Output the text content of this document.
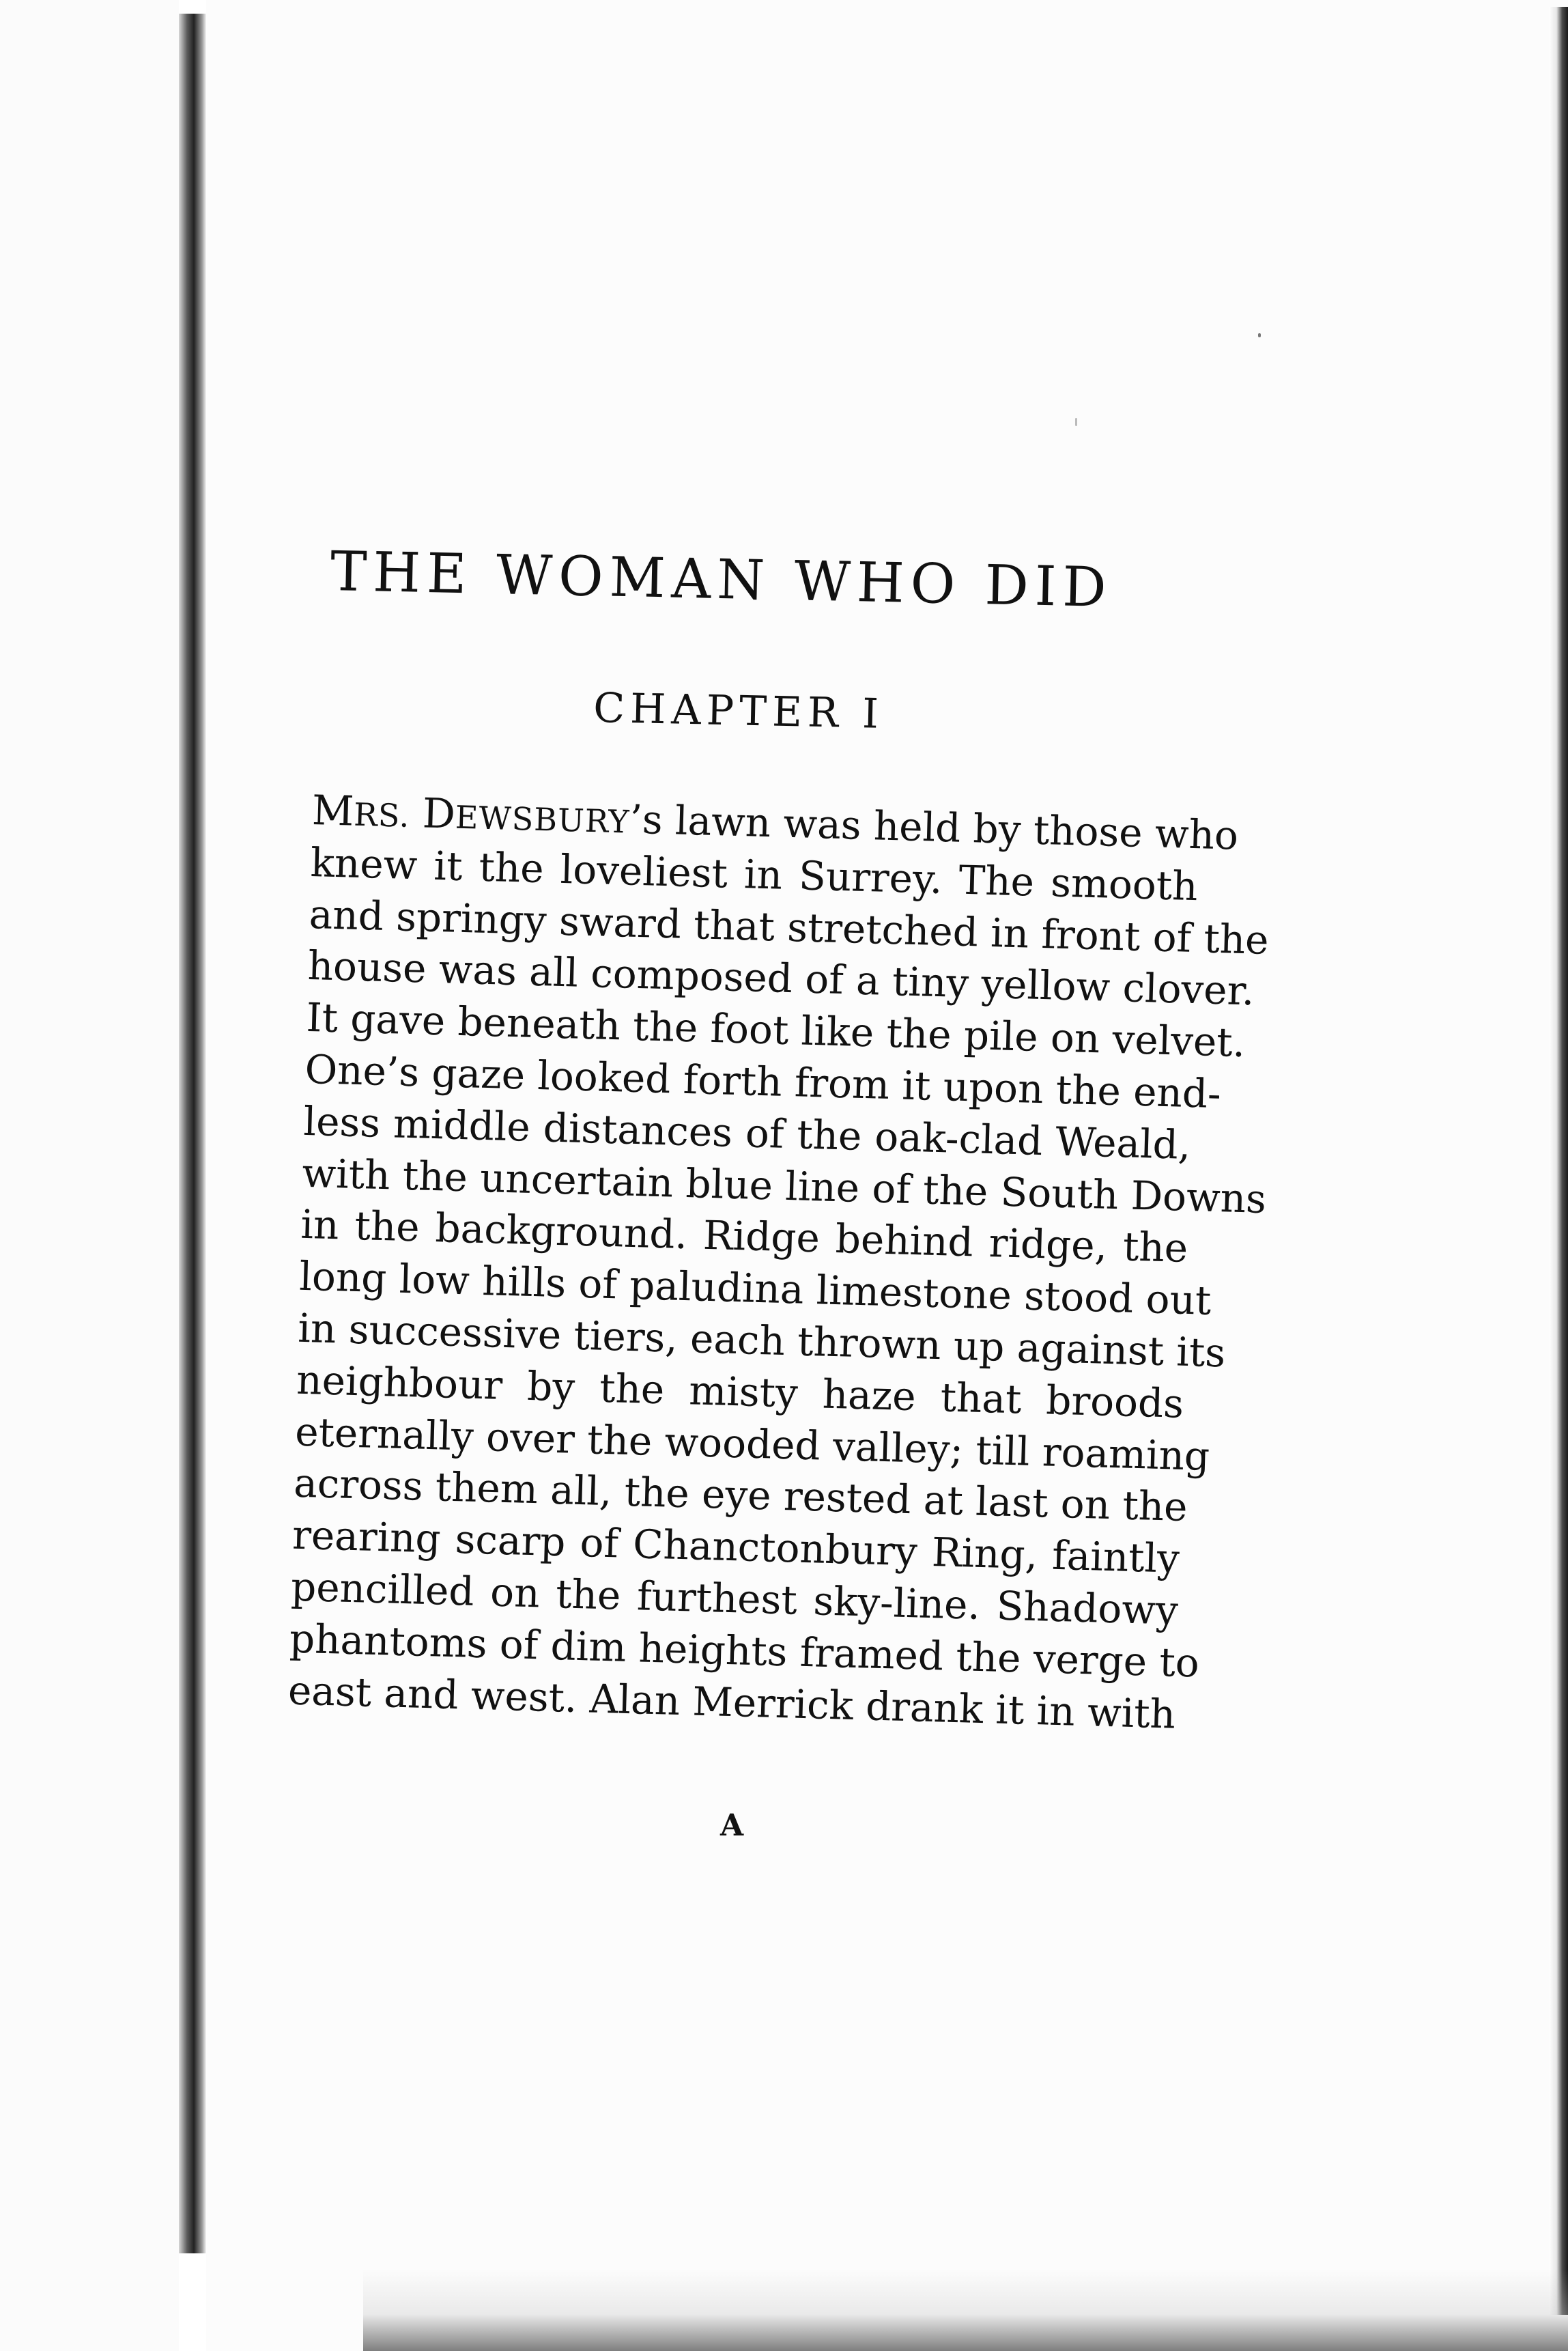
THE WOMAN WHO DID
CHAPTER I
MRS. DEWSBURY’s lawn was held by those who
knew it the loveliest in Surrey. The smooth
and springy sward that stretched in front of the
house was all composed of a tiny yellow clover.
It gave beneath the foot like the pile on velvet.
One’s gaze looked forth from it upon the end-
less middle distances of the oak-clad Weald,
with the uncertain blue line of the South Downs
in the background. Ridge behind ridge, the
long low hills of paludina limestone stood out
in successive tiers, each thrown up against its
neighbour by the misty haze that broods
eternally over the wooded valley; till roaming
across them all, the eye rested at last on the
rearing scarp of Chanctonbury Ring, faintly
pencilled on the furthest sky-line. Shadowy
phantoms of dim heights framed the verge to
east and west. Alan Merrick drank it in with

A
